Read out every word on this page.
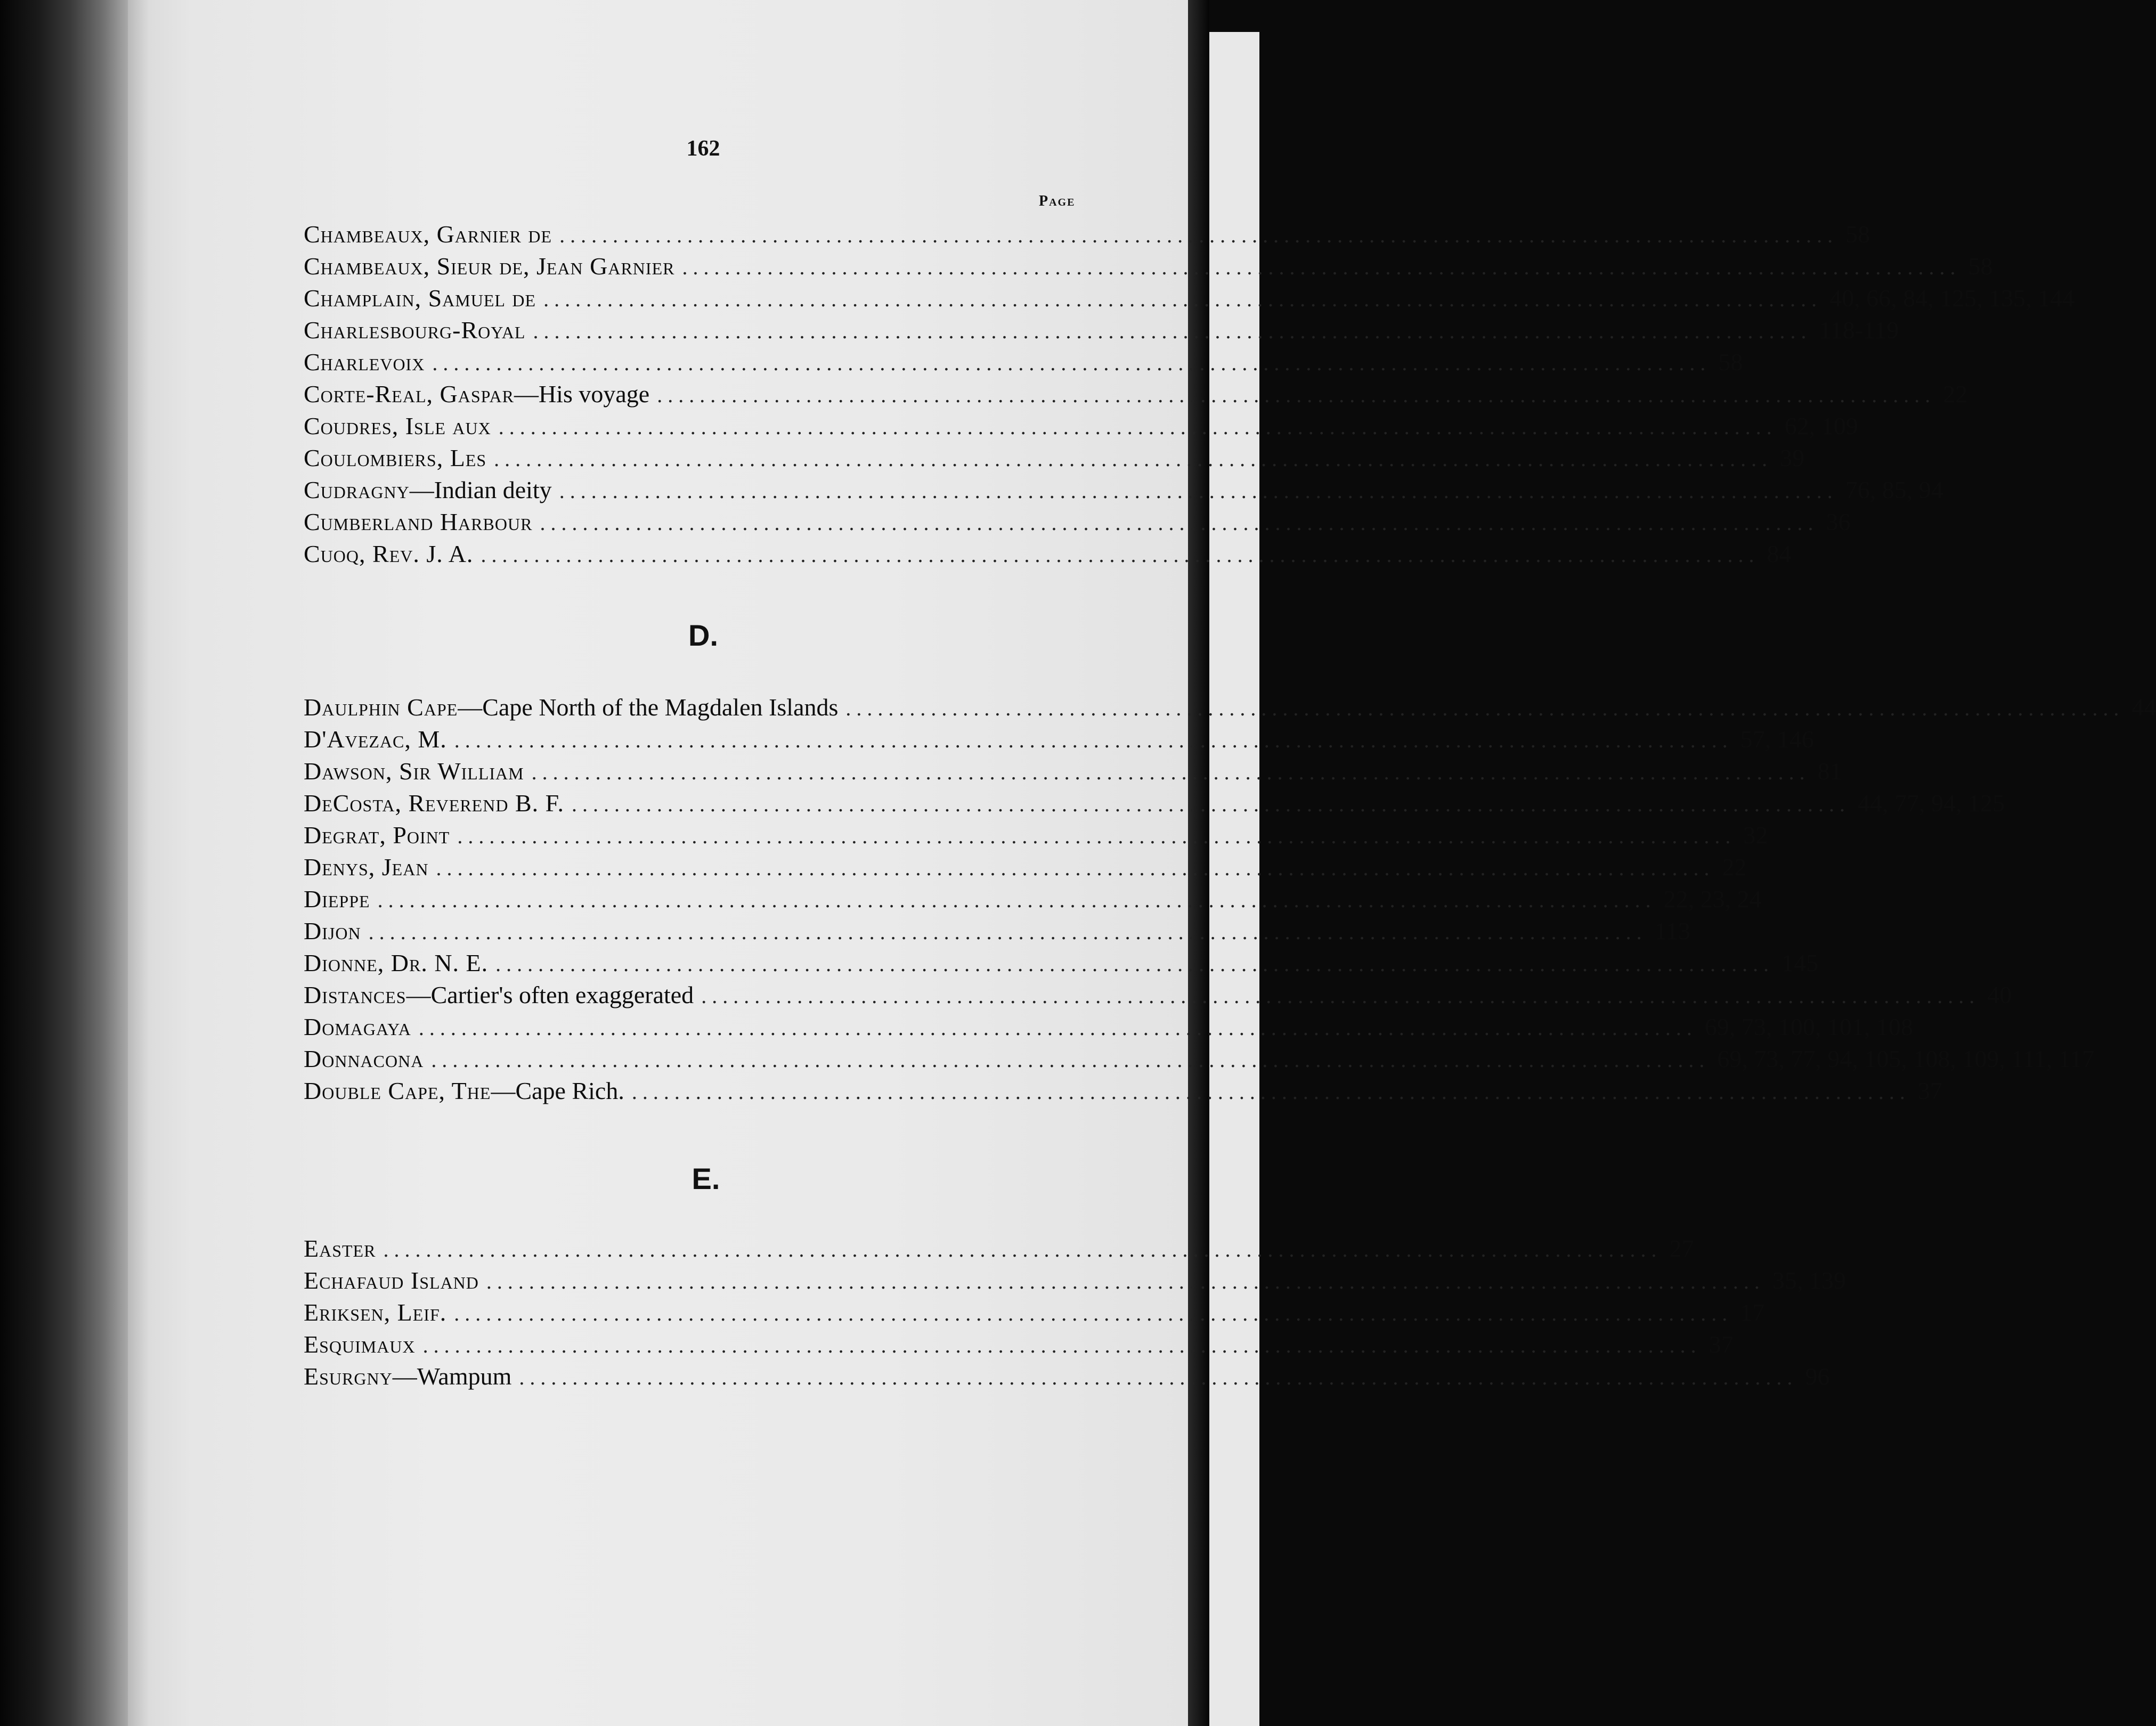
162
Page
Chambeaux, Garnier de ........................................................................................................................ 58
Chambeaux, Sieur de, Jean Garnier ........................................................................................................................ 58
Champlain, Samuel de ........................................................................................................................ 40, 66, 84, 125, 135, 144
Charlesbourg-Royal ........................................................................................................................ 118-119
Charlevoix ........................................................................................................................ 58
Corte-Real, Gaspar —His voyage ........................................................................................................................ 22
Coudres, Isle aux ........................................................................................................................ 62, 109
Coulombiers, Les ........................................................................................................................ 39
Cudragny —Indian deity ........................................................................................................................ 76, 85, 94
Cumberland Harbour ........................................................................................................................ 36
Cuoq, Rev. J. A. ........................................................................................................................ 84
D.
Daulphin Cape —Cape North of the Magdalen Islands ........................................................................................................................ 44
D'Avezac, M. ........................................................................................................................ 57, 146
Dawson, Sir William ........................................................................................................................ 81
DeCosta, Reverend B. F. ........................................................................................................................ 44, 77, 94, 125
Degrat, Point ........................................................................................................................ 32
Denys, Jean ........................................................................................................................ 22
Dieppe ........................................................................................................................ 22, 23, 24
Dijon ........................................................................................................................ 113
Dionne, Dr. N. E. ........................................................................................................................ 145
Distances —Cartier's often exaggerated ........................................................................................................................ 40
Domagaya ........................................................................................................................ 69, 73, 100, 101, 108
Donnacona ........................................................................................................................ 69, 73, 77, 94, 105, 108, 109, 111, 117
Double Cape, The —Cape Rich. ........................................................................................................................ 37
E.
Easter ........................................................................................................................ 27
Echafaud Island ........................................................................................................................ 35, 139
Eriksen, Leif. ........................................................................................................................ 17
Esquimaux ........................................................................................................................ 37
Esurgny —Wampum ........................................................................................................................ 96
